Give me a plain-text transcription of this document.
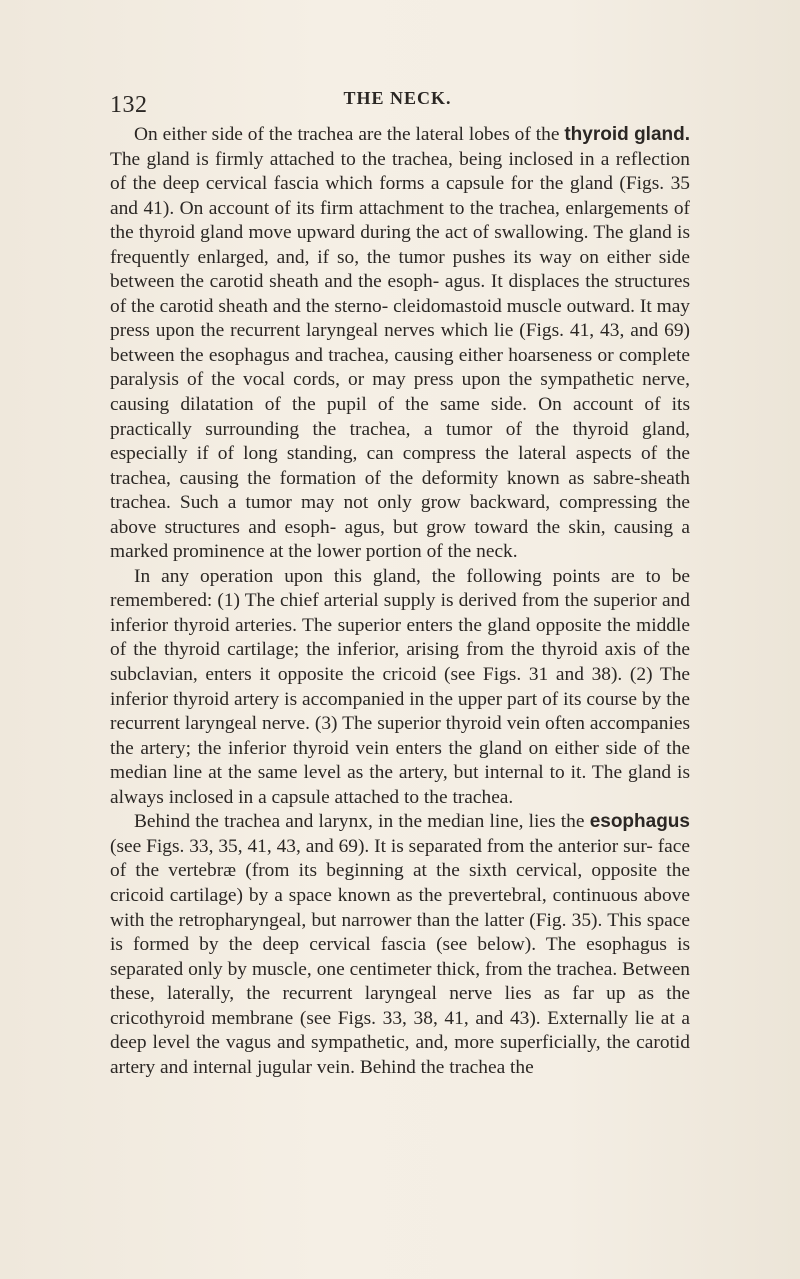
132	THE NECK.

On either side of the trachea are the lateral lobes of the thyroid gland. The gland is firmly attached to the trachea, being inclosed in a reflection of the deep cervical fascia which forms a capsule for the gland (Figs. 35 and 41). On account of its firm attachment to the trachea, enlargements of the thyroid gland move upward during the act of swallowing. The gland is frequently enlarged, and, if so, the tumor pushes its way on either side between the carotid sheath and the esoph- agus. It displaces the structures of the carotid sheath and the sterno- cleidomastoid muscle outward. It may press upon the recurrent laryngeal nerves which lie (Figs. 41, 43, and 69) between the esophagus and trachea, causing either hoarseness or complete paralysis of the vocal cords, or may press upon the sympathetic nerve, causing dilatation of the pupil of the same side. On account of its practically surrounding the trachea, a tumor of the thyroid gland, especially if of long standing, can compress the lateral aspects of the trachea, causing the formation of the deformity known as sabre-sheath trachea. Such a tumor may not only grow backward, compressing the above structures and esoph- agus, but grow toward the skin, causing a marked prominence at the lower portion of the neck.

In any operation upon this gland, the following points are to be remembered: (1) The chief arterial supply is derived from the superior and inferior thyroid arteries. The superior enters the gland opposite the middle of the thyroid cartilage; the inferior, arising from the thyroid axis of the subclavian, enters it opposite the cricoid (see Figs. 31 and 38). (2) The inferior thyroid artery is accompanied in the upper part of its course by the recurrent laryngeal nerve. (3) The superior thyroid vein often accompanies the artery; the inferior thyroid vein enters the gland on either side of the median line at the same level as the artery, but internal to it. The gland is always inclosed in a capsule attached to the trachea.

Behind the trachea and larynx, in the median line, lies the esophagus (see Figs. 33, 35, 41, 43, and 69). It is separated from the anterior sur- face of the vertebræ (from its beginning at the sixth cervical, opposite the cricoid cartilage) by a space known as the prevertebral, continuous above with the retropharyngeal, but narrower than the latter (Fig. 35). This space is formed by the deep cervical fascia (see below). The esophagus is separated only by muscle, one centimeter thick, from the trachea. Between these, laterally, the recurrent laryngeal nerve lies as far up as the cricothyroid membrane (see Figs. 33, 38, 41, and 43). Externally lie at a deep level the vagus and sympathetic, and, more superficially, the carotid artery and internal jugular vein. Behind the trachea the
